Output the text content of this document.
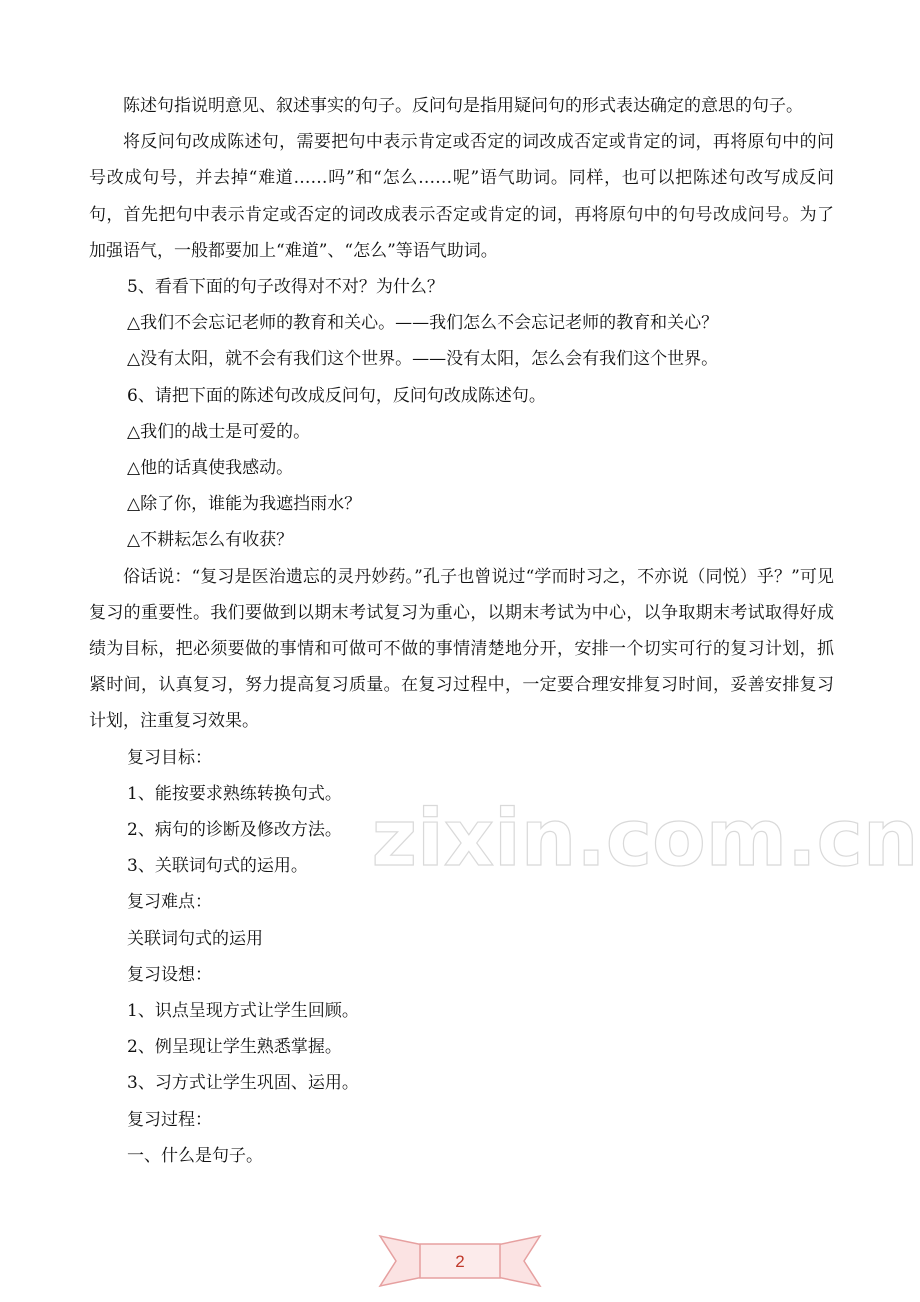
zixin.com.cn

陈述句指说明意见、叙述事实的句子。反问句是指用疑问句的形式表达确定的意思的句子。

将反问句改成陈述句，需要把句中表示肯定或否定的词改成否定或肯定的词，再将原句中的问号改成句号，并去掉“难道……吗”和“怎么……呢”语气助词。同样，也可以把陈述句改写成反问句，首先把句中表示肯定或否定的词改成表示否定或肯定的词，再将原句中的句号改成问号。为了加强语气，一般都要加上“难道”、“怎么”等语气助词。

5、看看下面的句子改得对不对？为什么？

△我们不会忘记老师的教育和关心。——我们怎么不会忘记老师的教育和关心？

△没有太阳，就不会有我们这个世界。——没有太阳，怎么会有我们这个世界。

6、请把下面的陈述句改成反问句，反问句改成陈述句。

△我们的战士是可爱的。

△他的话真使我感动。

△除了你，谁能为我遮挡雨水？

△不耕耘怎么有收获？

俗话说：“复习是医治遗忘的灵丹妙药。”孔子也曾说过“学而时习之，不亦说（同悦）乎？”可见复习的重要性。我们要做到以期末考试复习为重心，以期末考试为中心，以争取期末考试取得好成绩为目标，把必须要做的事情和可做可不做的事情清楚地分开，安排一个切实可行的复习计划，抓紧时间，认真复习，努力提高复习质量。在复习过程中，一定要合理安排复习时间，妥善安排复习计划，注重复习效果。

复习目标：

1、能按要求熟练转换句式。

2、病句的诊断及修改方法。

3、关联词句式的运用。

复习难点：

关联词句式的运用

复习设想：

1、识点呈现方式让学生回顾。

2、例呈现让学生熟悉掌握。

3、习方式让学生巩固、运用。

复习过程：

一、什么是句子。

2
